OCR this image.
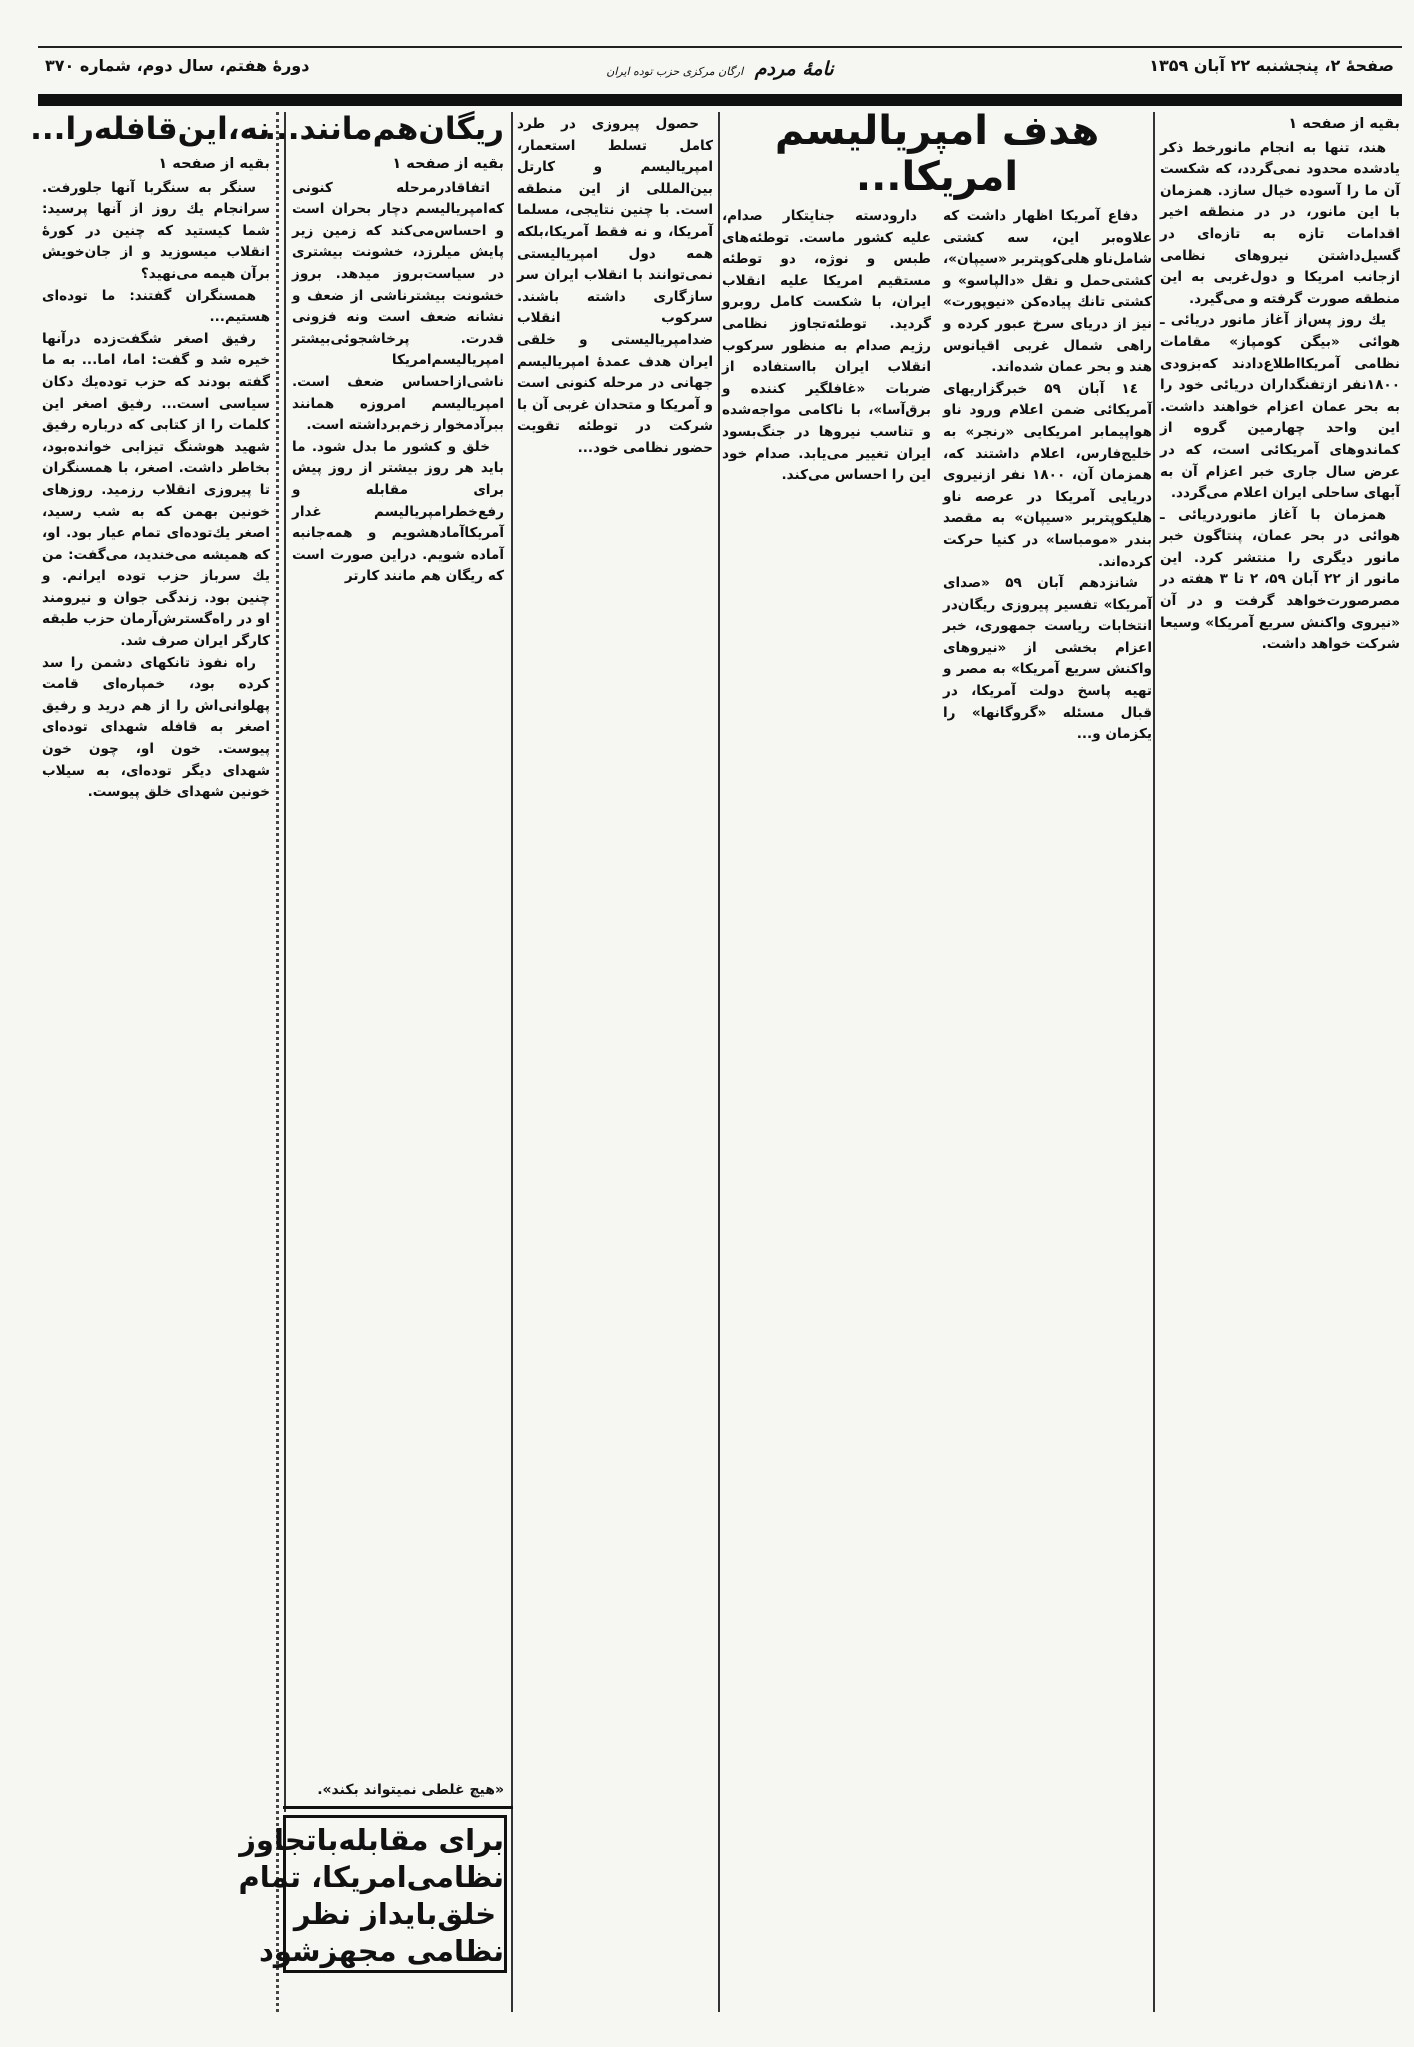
صفحهٔ ۲، پنجشنبه ۲۲ آبان ۱۳۵۹
نامهٔ مردم ارگان مرکزی حزب توده ایران
دورهٔ هفتم، سال دوم، شماره ۳۷۰

بقیه از صفحه ۱

هند، تنها به انجام مانورخط ذکر یادشده محدود نمی‌گردد، که شکست آن ما را آسوده خیال سازد. همزمان با این مانور، در در منطقه اخیر اقدامات تازه به تازه‌ای در گسیل‌داشتن نیروهای نظامی ازجانب امریکا و دول‌غربی به این منطقه صورت گرفته و می‌گیرد.

یك روز پس‌از آغاز مانور دریائی ـ هوائی «بیگن کومپاز» مقامات نظامی آمریکااطلاع‌دادند که‌بزودی ۱۸۰۰نفر ازتفنگداران دریائی خود را به بحر عمان اعزام خواهند داشت. این واحد چهارمین گروه از کماندوهای آمریکائی است، که در عرض سال جاری خبر اعزام آن به آبهای ساحلی ایران اعلام می‌گردد.

همزمان با آغاز مانوردریائی ـ هوائی در بحر عمان، پنتاگون خبر مانور دیگری را منتشر کرد. این مانور از ۲۲ آبان ۵۹، ۲ تا ۳ هفته در مصرصورت‌خواهد گرفت و در آن «نیروی واکنش سریع آمریکا» وسیعا شرکت خواهد داشت.

هدف امپریالیسم امریکا...

دفاع آمریکا اظهار داشت که علاوه‌بر این، سه کشتی شامل‌ناو هلی‌کوپتربر «سیپان»، کشتی‌حمل و نقل «دالپاسو» و کشتی تانك پیاده‌کن «نیوپورت» نیز از دریای سرخ عبور کرده و راهی شمال غربی اقیانوس هند و بحر عمان شده‌اند.

۱٤ آبان ۵۹ خبرگزاریهای آمریکائی ضمن اعلام ورود ناو هواپیمابر امریکایی «رنجر» به خلیج‌فارس، اعلام داشتند که، همزمان آن، ۱۸۰۰ نفر ازنیروی دریایی آمریکا در عرصه ناو هلیکوپتربر «سیپان» به مقصد بندر «مومباسا» در کنیا حرکت کرده‌اند.

شانزدهم آبان ۵۹ «صدای آمریکا» تفسیر پیروزی ریگان‌در انتخابات ریاست جمهوری، خبر اعزام بخشی از «نیروهای واکنش سریع آمریکا» به مصر و تهیه پاسخ دولت آمریکا، در قبال مسئله «گروگانها» را یکزمان و...

دارودسته جنایتکار صدام، علیه کشور ماست. توطئه‌های طبس و نوژه، دو توطئه مستقیم امریکا علیه انقلاب ایران، با شکست کامل روبرو گردید. توطئه‌تجاوز نظامی رژیم صدام به منظور سرکوب انقلاب ایران بااستفاده از ضربات «غافلگیر کننده و برق‌آسا»، با ناکامی مواجه‌شده و تناسب نیروها در جنگ‌بسود ایران تغییر می‌یابد. صدام خود این را احساس می‌کند.

حصول پیروزی در طرد کامل تسلط استعمار، امپریالیسم و کارتل بین‌المللی از این منطقه است. با چنین نتایجی، مسلما آمریکا، و نه فقط آمریکا،بلکه همه دول امپریالیستی نمی‌توانند با انقلاب ایران سر سازگاری داشته باشند. سرکوب انقلاب ضدامپریالیستی و خلقی ایران هدف عمدهٔ امپریالیسم جهانی در مرحله کنونی است و آمریکا و متحدان غربی آن با شرکت در توطئه تقویت حضور نظامی خود...

ریگان‌هم‌مانند...

بقیه از صفحه ۱

اتفاقادرمرحله کنونی که‌امپریالیسم دچار بحران است و احساس‌می‌کند که زمین زیر پایش میلرزد، خشونت بیشتری در سیاست‌بروز میدهد. بروز خشونت بیشترناشی از ضعف و نشانه ضعف است ونه فزونی قدرت. پرخاشجوئی‌بیشتر امپریالیسم‌امریکا ناشی‌ازاحساس ضعف است. امپریالیسم امروزه همانند ببرآدمخوار زخم‌برداشته است.

خلق و کشور ما بدل شود. ما باید هر روز بیشتر از روز پیش برای مقابله و رفع‌خطرامپریالیسم غدار آمریکاآمادهشویم و همه‌جانبه آماده شویم. دراین صورت است که ریگان هم مانند کارتر

«هیچ غلطی نمیتواند بکند».
برای مقابله‌باتجاوز
نظامی‌امریکا، تمام
خلق‌باید‌از نظر
نظامی مجهزشود
نه،این‌قافله‌را...

بقیه از صفحه ۱

سنگر به سنگربا آنها جلورفت. سرانجام یك روز از آنها پرسید: شما کیستید که چنین در کورهٔ انقلاب میسوزید و از جان‌خویش برآن هیمه می‌نهید؟

همسنگران گفتند: ما توده‌ای هستیم...

رفیق اصغر شگفت‌زده درآنها خیره شد و گفت: اما، اما... به ما گفته بودند که حزب توده‌یك دکان سیاسی است... رفیق اصغر این کلمات را از کتابی که درباره رفیق شهید هوشنگ تیزابی خوانده‌بود، بخاطر داشت. اصغر، با همسنگران تا پیروزی انقلاب رزمید. روزهای خونین بهمن که به شب رسید، اصغر یك‌توده‌ای تمام عیار بود. او، که همیشه می‌خندید، می‌گفت: من یك سرباز حزب توده ایرانم. و چنین بود. زندگی جوان و نیرومند او در راه‌گسترش‌آرمان حزب طبقه کارگر ایران صرف شد.

راه نفوذ تانکهای دشمن را سد کرده بود، خمپاره‌ای قامت پهلوانی‌اش را از هم درید و رفیق اصغر به قافله شهدای توده‌ای پیوست. خون او، چون خون شهدای دیگر توده‌ای، به سیلاب خونین شهدای خلق پیوست.
